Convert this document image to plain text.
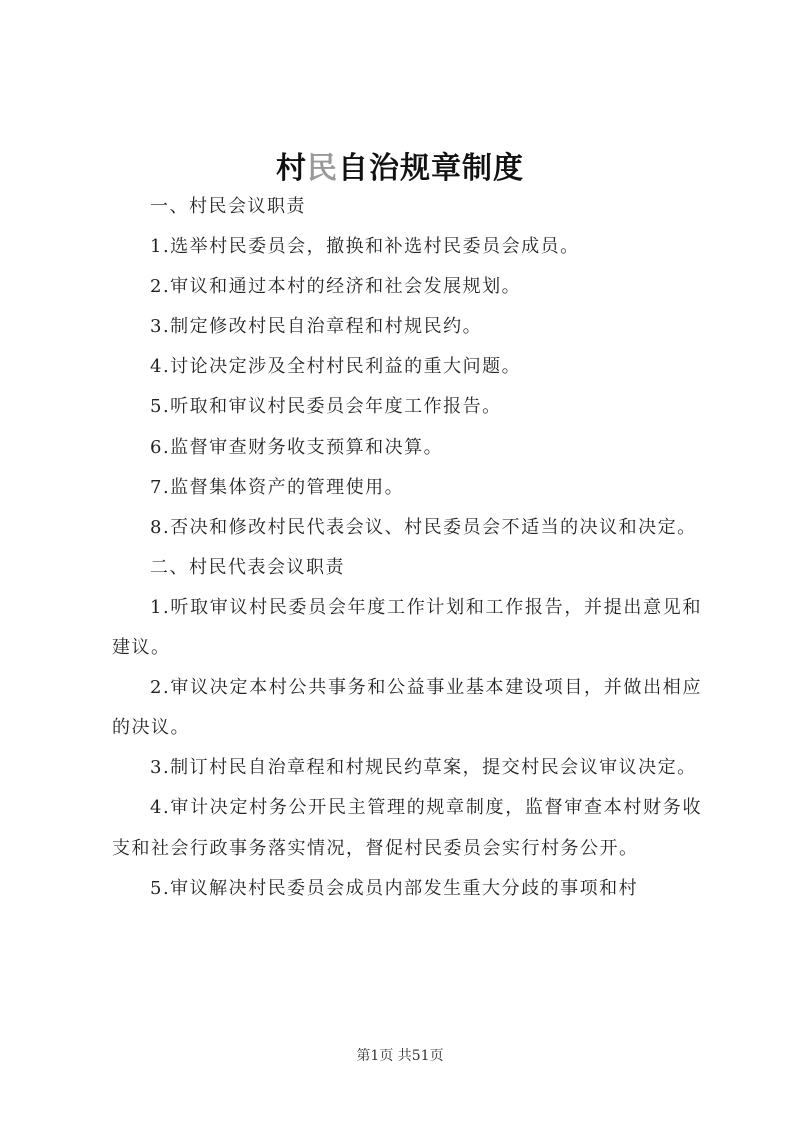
村民自治规章制度

一、村民会议职责

1.选举村民委员会，撤换和补选村民委员会成员。

2.审议和通过本村的经济和社会发展规划。

3.制定修改村民自治章程和村规民约。

4.讨论决定涉及全村村民利益的重大问题。

5.听取和审议村民委员会年度工作报告。

6.监督审查财务收支预算和决算。

7.监督集体资产的管理使用。

8.否决和修改村民代表会议、村民委员会不适当的决议和决定。

二、村民代表会议职责

1.听取审议村民委员会年度工作计划和工作报告，并提出意见和建议。

2.审议决定本村公共事务和公益事业基本建设项目，并做出相应的决议。

3.制订村民自治章程和村规民约草案，提交村民会议审议决定。

4.审计决定村务公开民主管理的规章制度，监督审查本村财务收支和社会行政事务落实情况，督促村民委员会实行村务公开。

5.审议解决村民委员会成员内部发生重大分歧的事项和村

第1页 共51页
